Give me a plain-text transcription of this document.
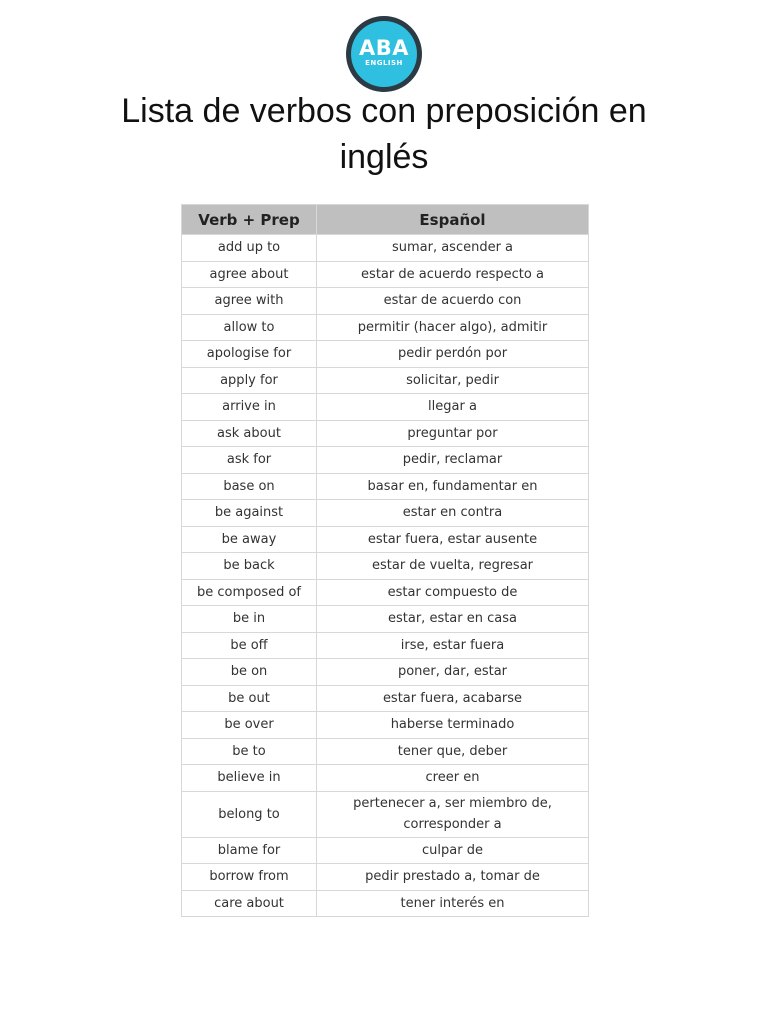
ABA
ENGLISH
Lista de verbos con preposición en inglés
Verb + Prep	Español
add up to	sumar, ascender a
agree about	estar de acuerdo respecto a
agree with	estar de acuerdo con
allow to	permitir (hacer algo), admitir
apologise for	pedir perdón por
apply for	solicitar, pedir
arrive in	llegar a
ask about	preguntar por
ask for	pedir, reclamar
base on	basar en, fundamentar en
be against	estar en contra
be away	estar fuera, estar ausente
be back	estar de vuelta, regresar
be composed of	estar compuesto de
be in	estar, estar en casa
be off	irse, estar fuera
be on	poner, dar, estar
be out	estar fuera, acabarse
be over	haberse terminado
be to	tener que, deber
believe in	creer en
belong to	pertenecer a, ser miembro de, corresponder a
blame for	culpar de
borrow from	pedir prestado a, tomar de
care about	tener interés en
